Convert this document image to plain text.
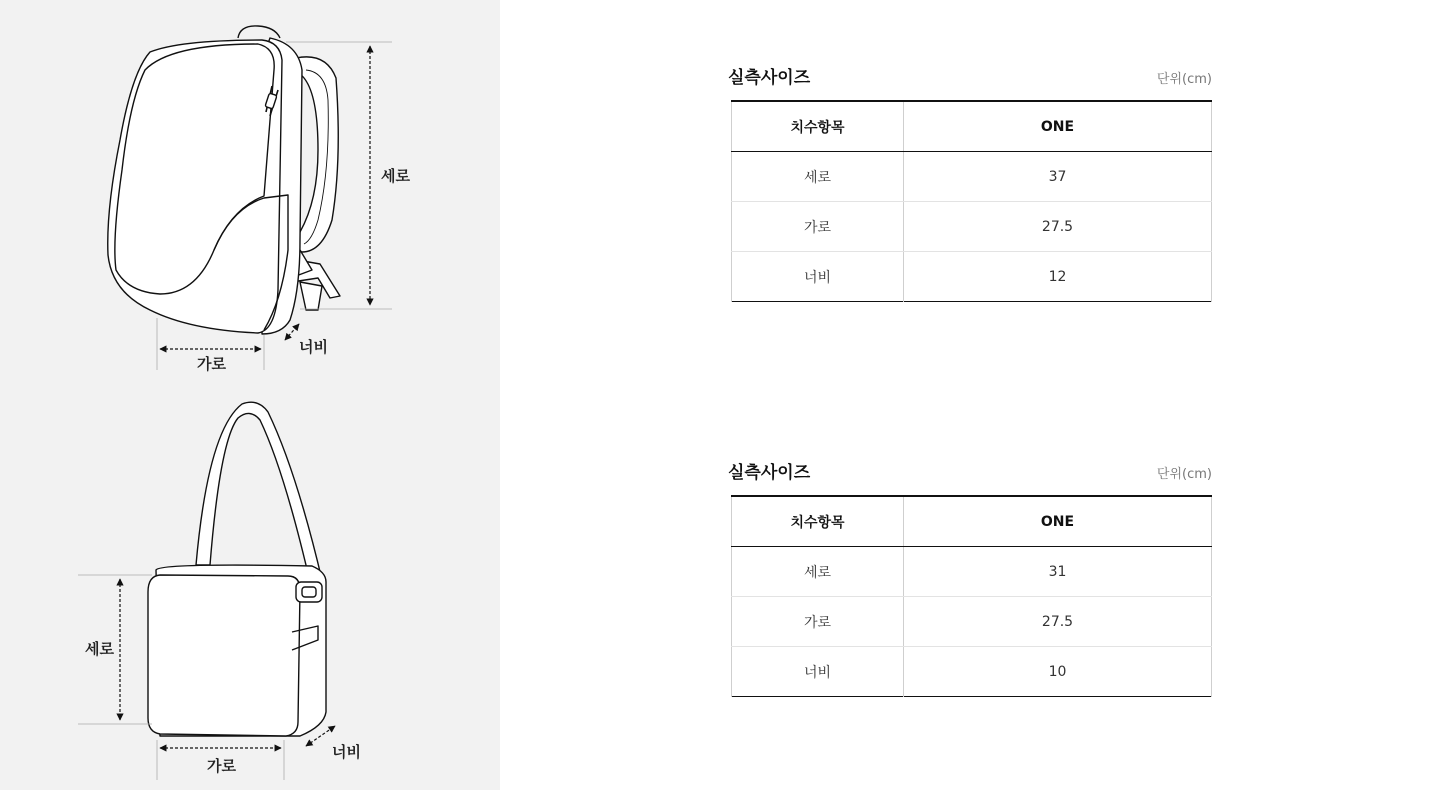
세로
가로
너비
세로
가로
너비
실측사이즈	단위(cm)
치수항목	ONE
세로	37
가로	27.5
너비	12
실측사이즈	단위(cm)
치수항목	ONE
세로	31
가로	27.5
너비	10
